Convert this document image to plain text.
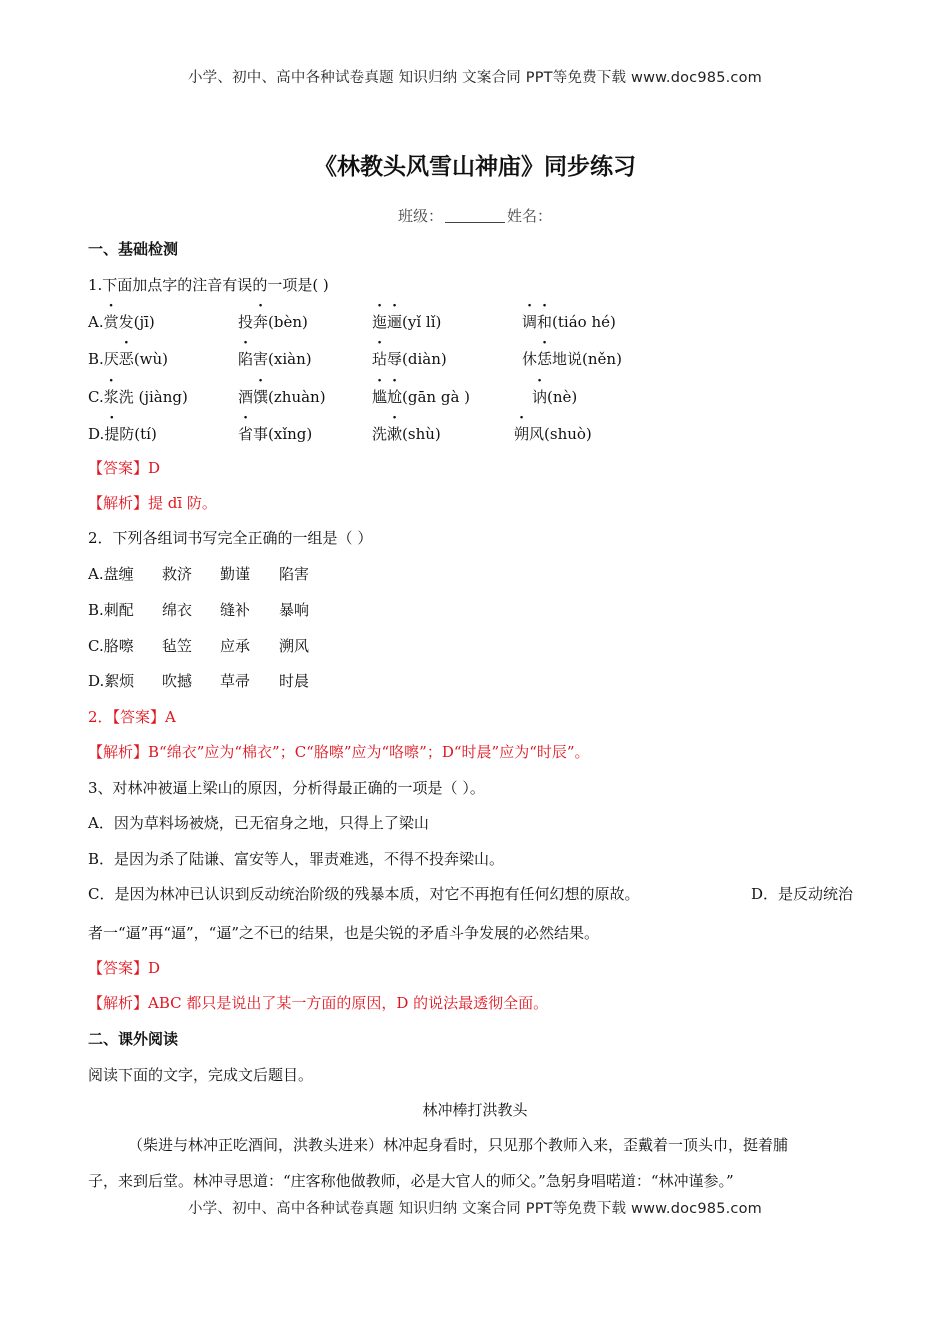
小学、初中、高中各种试卷真题 知识归纳 文案合同 PPT等免费下载 www.doc985.com
《林教头风雪山神庙》同步练习
班级：	姓名：
一、基础检测
1.下面加点字的注音有误的一项是( )
A.赏发(jī)	投奔(bèn)	迤逦(yǐ lǐ)	调和(tiáo hé)
B.厌恶(wù)	陷害(xiàn)	玷辱(diàn)	休恁地说(něn)
C.浆洗 (jiàng)	酒馔(zhuàn)	尴尬(gān gà )	讷(nè)
D.提防(tí)	省事(xǐng)	洗漱(shù)	朔风(shuò)
【答案】D
【解析】提 dī 防。
2．下列各组词书写完全正确的一组是（ ）
A.盘缠 救济 勤谨 陷害
B.刺配 绵衣 缝补 暴响
C.胳嚓 毡笠 应承 溯风
D.絮烦 吹撼 草帚 时晨
2．【答案】A
【解析】B“绵衣”应为“棉衣”；C“胳嚓”应为“咯嚓”；D“时晨”应为“时辰”。
3、对林冲被逼上梁山的原因，分析得最正确的一项是（ ）。
A．因为草料场被烧，已无宿身之地，只得上了梁山
B．是因为杀了陆谦、富安等人，罪责难逃，不得不投奔梁山。
C．是因为林冲已认识到反动统治阶级的残暴本质，对它不再抱有任何幻想的原故。	D．是反动统治
者一“逼”再“逼”，“逼”之不已的结果，也是尖锐的矛盾斗争发展的必然结果。
【答案】D
【解析】ABC 都只是说出了某一方面的原因，D 的说法最透彻全面。
二、课外阅读
阅读下面的文字，完成文后题目。
林冲棒打洪教头
（柴进与林冲正吃酒间，洪教头进来）林冲起身看时，只见那个教师入来，歪戴着一顶头巾，挺着脯
子，来到后堂。林冲寻思道：“庄客称他做教师，必是大官人的师父。”急躬身唱喏道：“林冲谨参。”
小学、初中、高中各种试卷真题 知识归纳 文案合同 PPT等免费下载 www.doc985.com
